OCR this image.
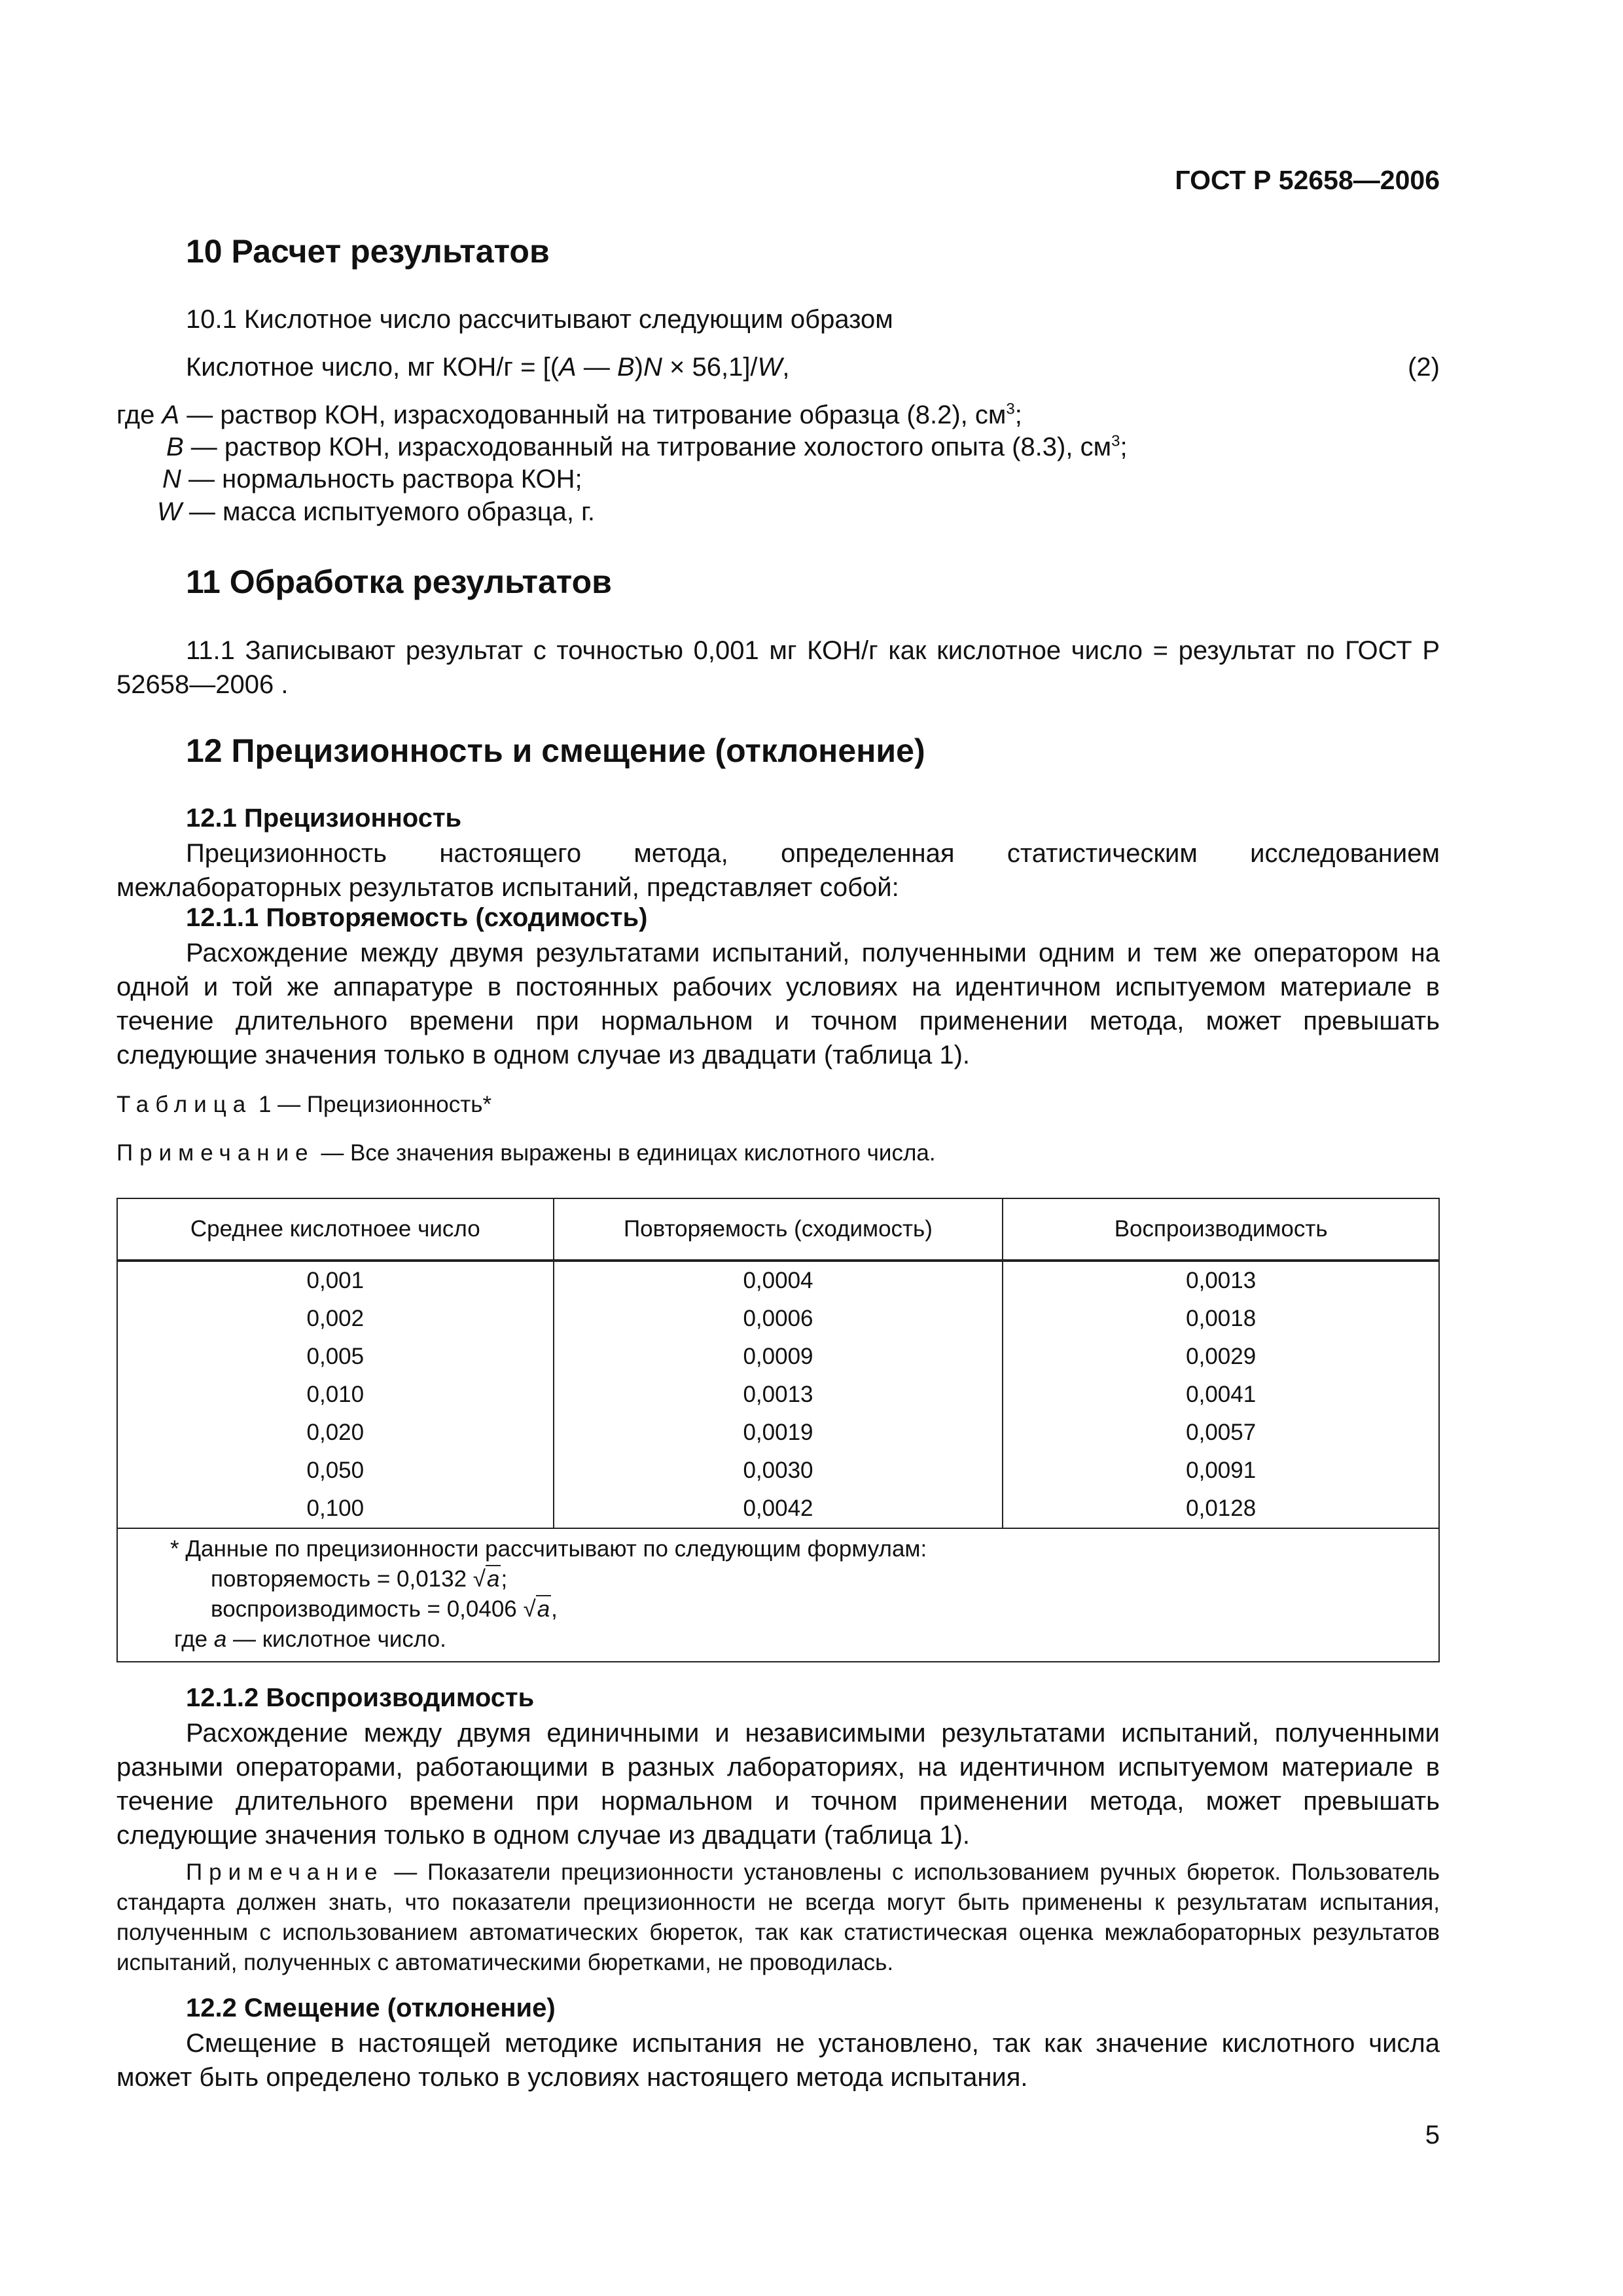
ГОСТ Р 52658—2006
10 Расчет результатов
10.1 Кислотное число рассчитывают следующим образом
Кислотное число, мг КОН/г = [(A — B)N × 56,1]/W,	(2)
где A — раствор КОН, израсходованный на титрование образца (8.2), $см^3$;
B — раствор КОН, израсходованный на титрование холостого опыта (8.3), $см^3$;
N — нормальность раствора КОН;
W — масса испытуемого образца, г.
11 Обработка результатов
11.1 Записывают результат с точностью 0,001 мг КОН/г как кислотное число = результат по ГОСТ Р 52658—2006 .
12 Прецизионность и смещение (отклонение)
12.1 Прецизионность
Прецизионность настоящего метода, определенная статистическим исследованием межлабораторных результатов испытаний, представляет собой:
12.1.1 Повторяемость (сходимость)
Расхождение между двумя результатами испытаний, полученными одним и тем же оператором на одной и той же аппаратуре в постоянных рабочих условиях на идентичном испытуемом материале в течение длительного времени при нормальном и точном применении метода, может превышать следующие значения только в одном случае из двадцати (таблица 1).
Таблица 1 — Прецизионность*
Примечание — Все значения выражены в единицах кислотного числа.
Среднее кислотноее число	Повторяемость (сходимость)	Воспроизводимость
0,001	0,0004	0,0013
0,002	0,0006	0,0018
0,005	0,0009	0,0029
0,010	0,0013	0,0041
0,020	0,0019	0,0057
0,050	0,0030	0,0091
0,100	0,0042	0,0128

* Данные по прецизионности рассчитывают по следующим формулам:
повторяемость = 0,0132 √a;
воспроизводимость = 0,0406 √a,
где a — кислотное число.		
12.1.2 Воспроизводимость
Расхождение между двумя единичными и независимыми результатами испытаний, полученными разными операторами, работающими в разных лабораториях, на идентичном испытуемом материале в течение длительного времени при нормальном и точном применении метода, может превышать следующие значения только в одном случае из двадцати (таблица 1).
Примечание — Показатели прецизионности установлены с использованием ручных бюреток. Пользователь стандарта должен знать, что показатели прецизионности не всегда могут быть применены к результатам испытания, полученным с использованием автоматических бюреток, так как статистическая оценка межлабораторных результатов испытаний, полученных с автоматическими бюретками, не проводилась.
12.2 Смещение (отклонение)
Смещение в настоящей методике испытания не установлено, так как значение кислотного числа может быть определено только в условиях настоящего метода испытания.
5
